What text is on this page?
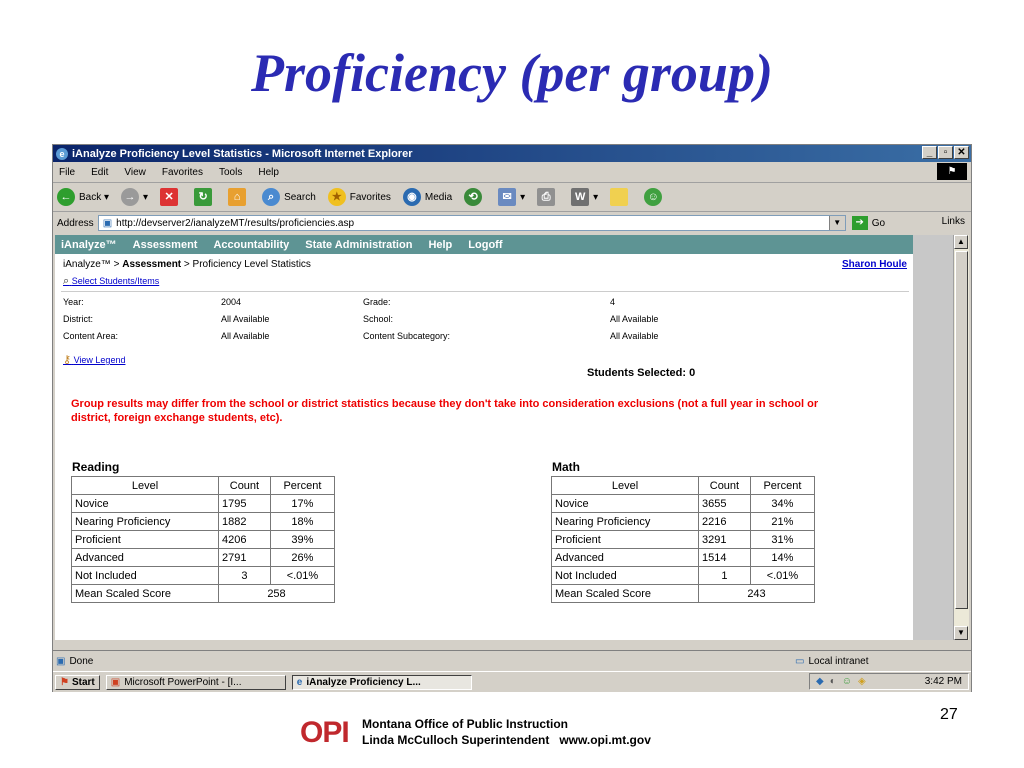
Proficiency (per group)
e iAnalyze Proficiency Level Statistics - Microsoft Internet Explorer	_	▫	✕
File Edit View Favorites Tools Help	⚑
← Back ▾	→ ▾	✕	↻	⌂	⌕ Search	★ Favorites	◉ Media	⟲	✉ ▾	⎙	W ▾	☺
Address ▣ http://devserver2/ianalyzeMT/results/proficiencies.asp	▼	➔ Go	Links
iAnalyze™ Assessment Accountability State Administration Help Logoff
iAnalyze™ > Assessment > Proficiency Level Statistics	Sharon Houle
⌕ Select Students/Items
Year:	2004	Grade:	4
District:	All Available	School:	All Available
Content Area:	All Available	Content Subcategory:	All Available
⚷ View Legend
Students Selected: 0
Group results may differ from the school or district statistics because they don't take into consideration exclusions (not a full year in school or district, foreign exchange students, etc).
Reading
Level	Count	Percent
Novice	1795	17%
Nearing Proficiency	1882	18%
Proficient	4206	39%
Advanced	2791	26%
Not Included	3	<.01%
Mean Scaled Score	258	
Math
Level	Count	Percent
Novice	3655	34%
Nearing Proficiency	2216	21%
Proficient	3291	31%
Advanced	1514	14%
Not Included	1	<.01%
Mean Scaled Score	243	
▲
▼
▣ Done	▭ Local intranet
⚑ Start ▣ Microsoft PowerPoint - [I...	e iAnalyze Proficiency L...	◆ ◐ ☺ ◈	3:42 PM
OPI Montana Office of Public Instruction
Linda McCulloch Superintendent   www.opi.mt.gov
27
